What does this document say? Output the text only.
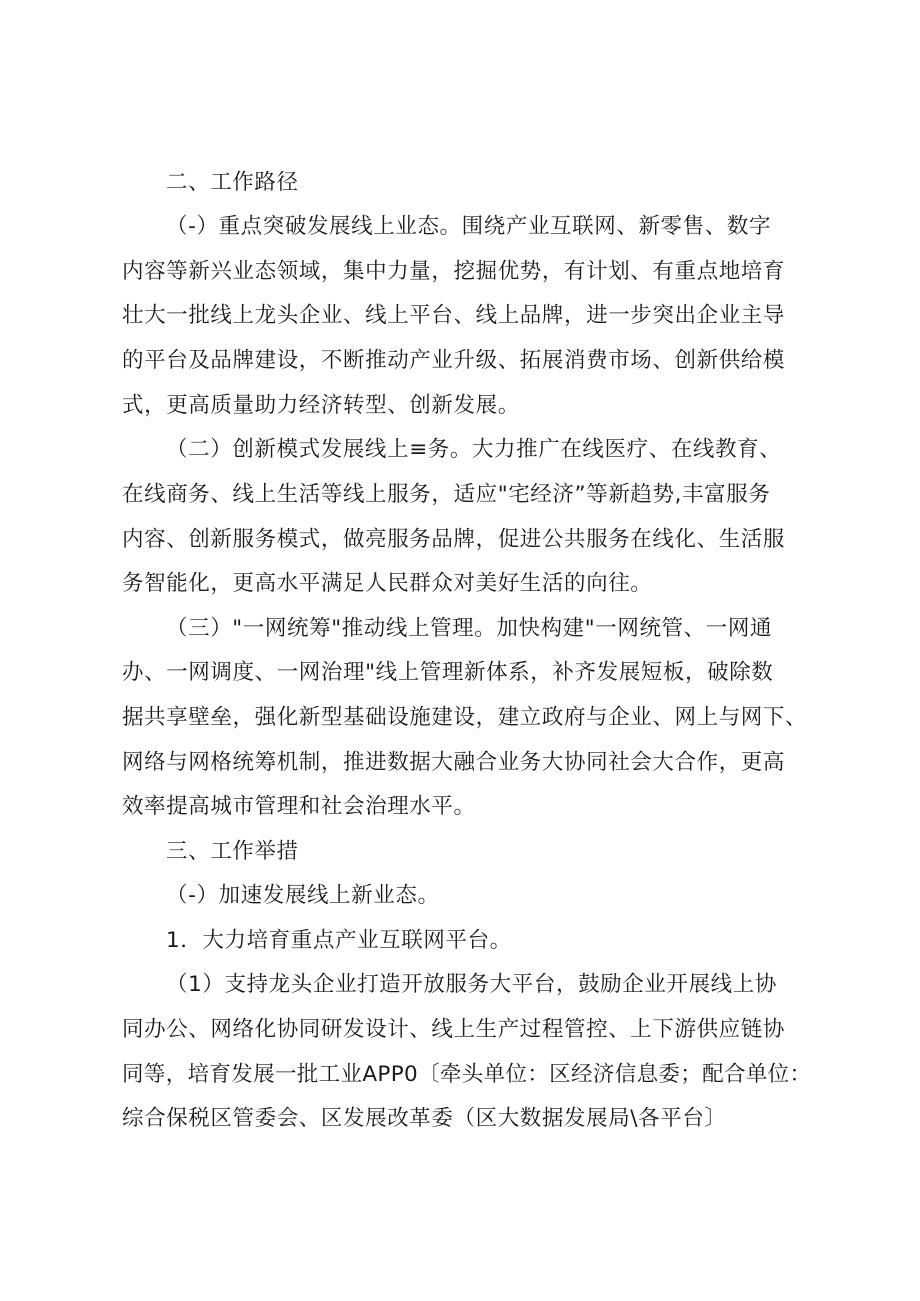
二、工作路径
（-）重点突破发展线上业态。围绕产业互联网、新零售、数字
内容等新兴业态领域，集中力量，挖掘优势，有计划、有重点地培育
壮大一批线上龙头企业、线上平台、线上品牌，进一步突出企业主导
的平台及品牌建设，不断推动产业升级、拓展消费市场、创新供给模
式，更高质量助力经济转型、创新发展。
（二）创新模式发展线上≡务。大力推广在线医疗、在线教育、
在线商务、线上生活等线上服务，适应"宅经济”等新趋势,丰富服务
内容、创新服务模式，做亮服务品牌，促进公共服务在线化、生活服
务智能化，更高水平满足人民群众对美好生活的向往。
（三）"一网统筹"推动线上管理。加快构建"一网统管、一网通
办、一网调度、一网治理"线上管理新体系，补齐发展短板，破除数
据共享壁垒，强化新型基础设施建设，建立政府与企业、网上与网下、
网络与网格统筹机制，推进数据大融合业务大协同社会大合作，更高
效率提高城市管理和社会治理水平。
三、工作举措
（-）加速发展线上新业态。
1．大力培育重点产业互联网平台。
（1）支持龙头企业打造开放服务大平台，鼓励企业开展线上协
同办公、网络化协同研发设计、线上生产过程管控、上下游供应链协
同等，培育发展一批工业APP0〔牵头单位：区经济信息委；配合单位：
综合保税区管委会、区发展改革委（区大数据发展局\各平台〕
